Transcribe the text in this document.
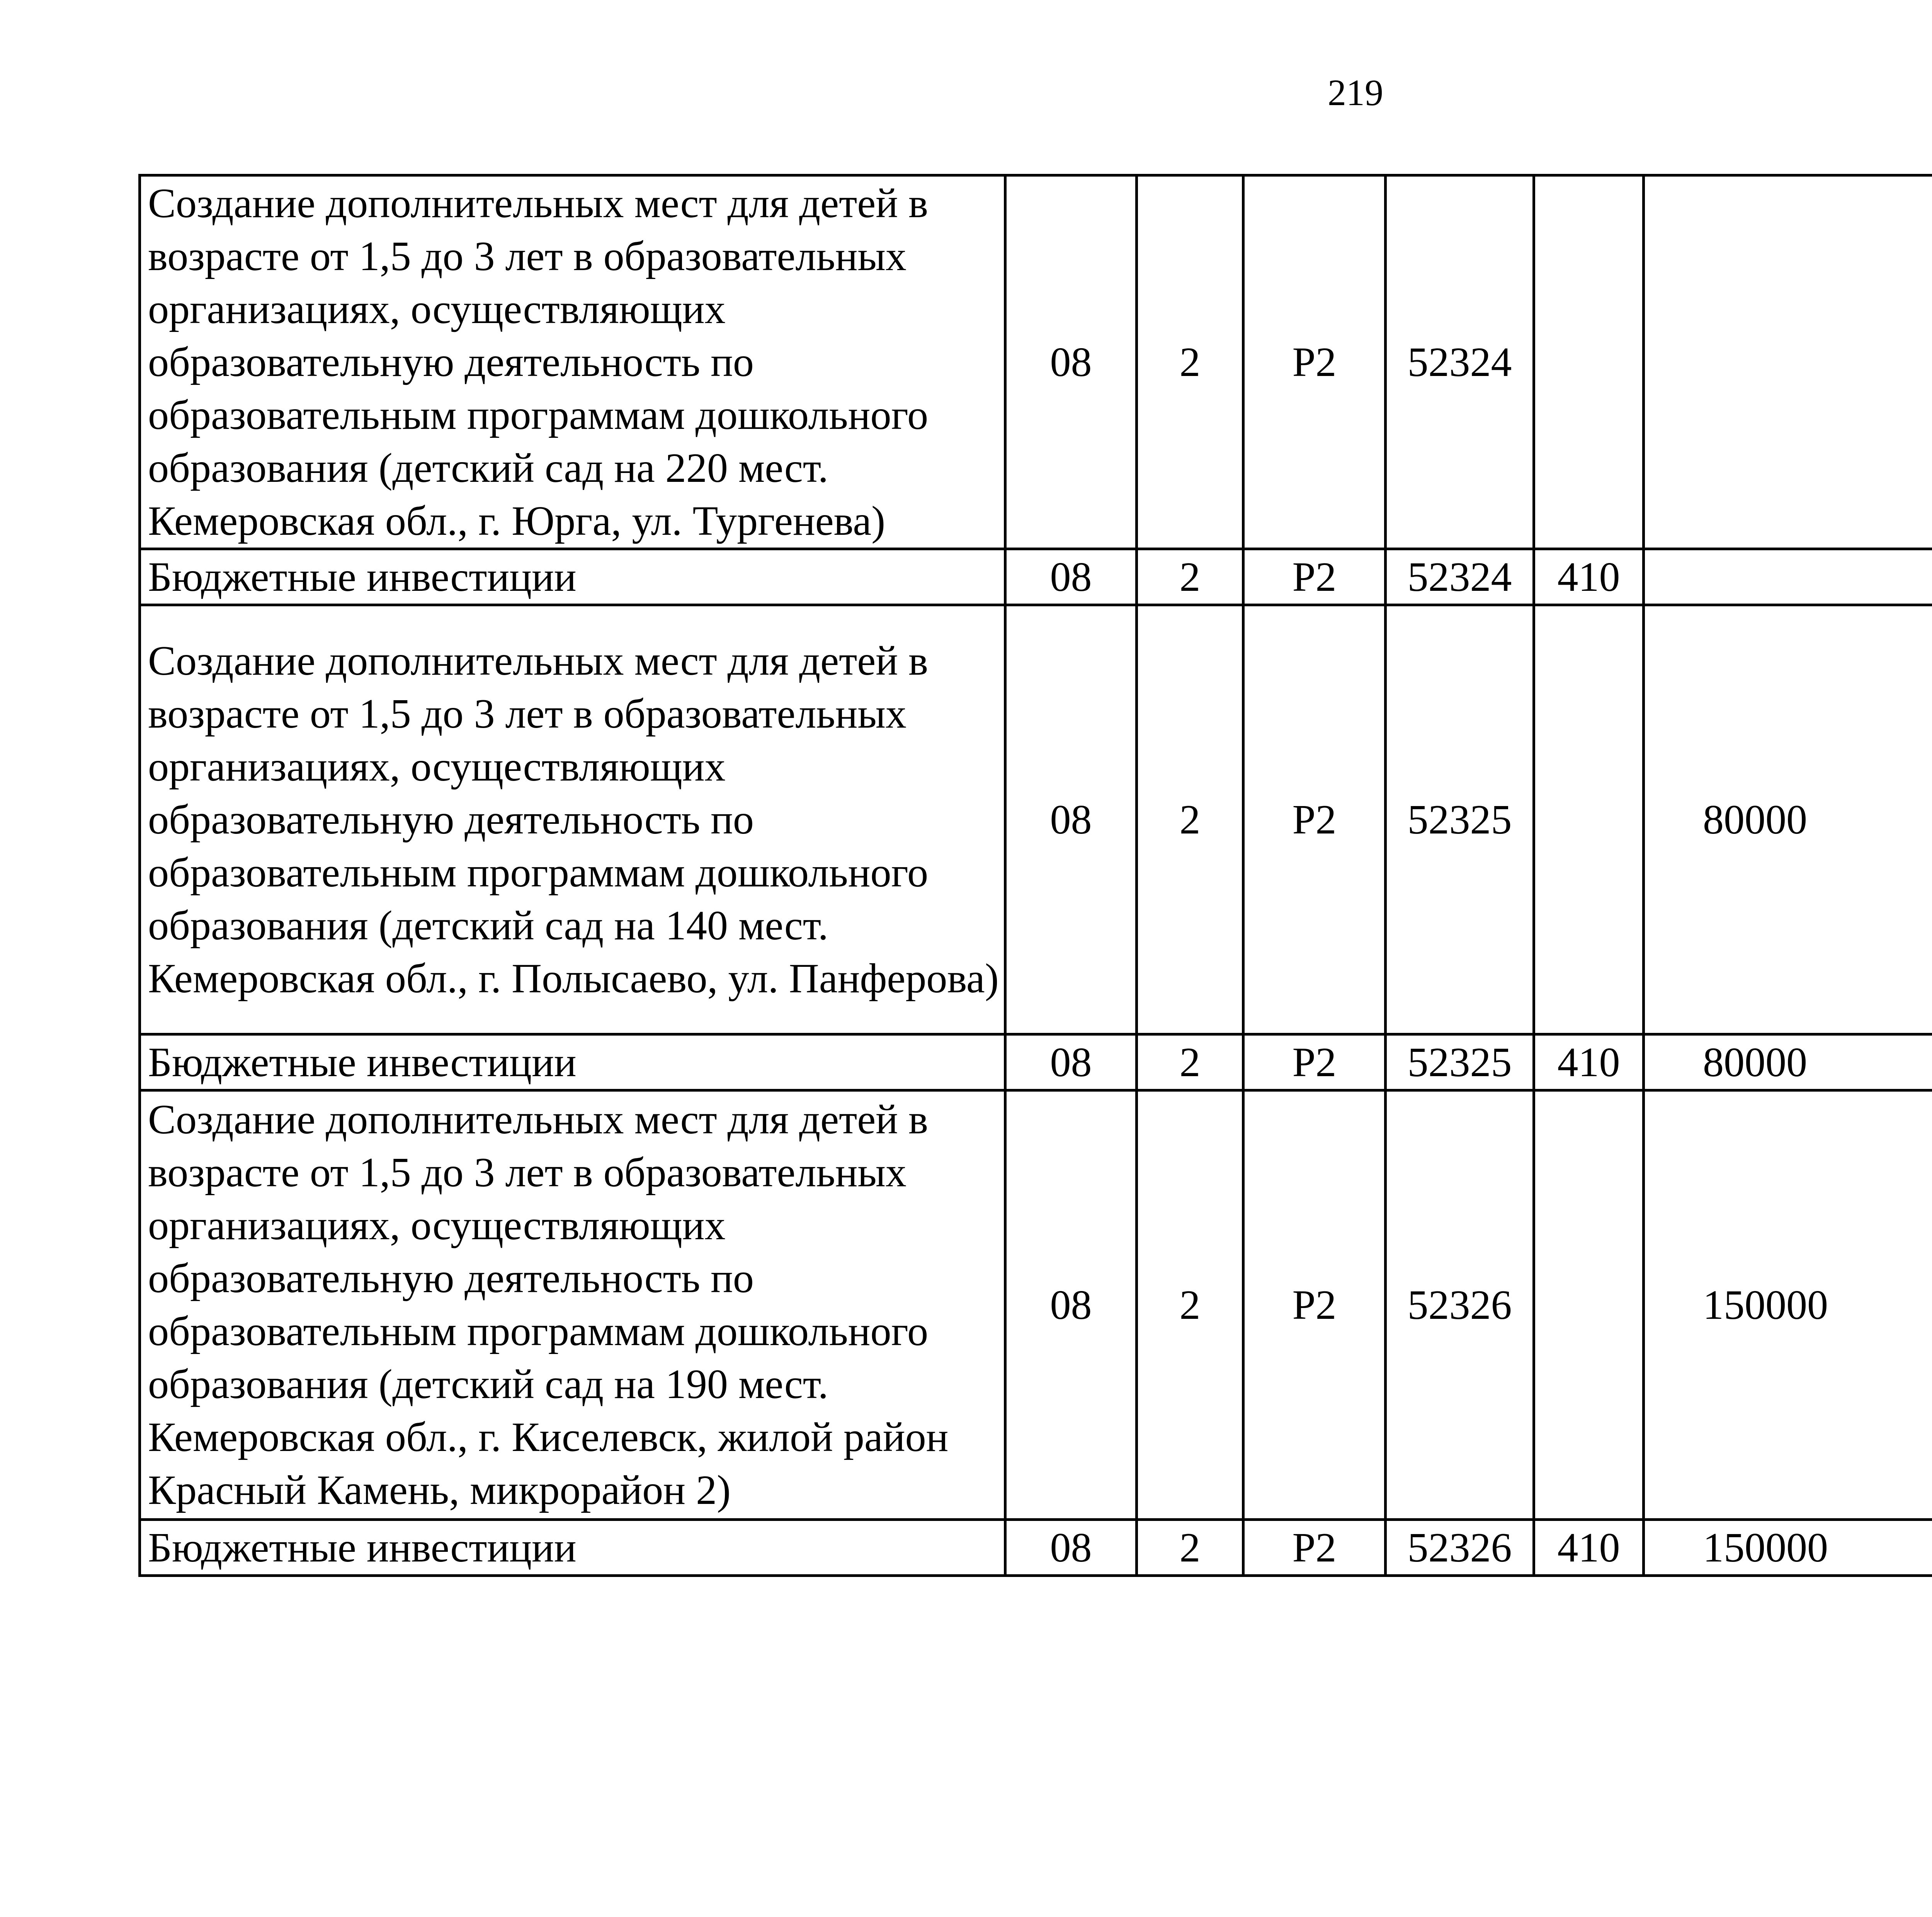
219
Создание дополнительных мест для детей в возрасте от 1,5 до 3 лет в образовательных организациях, осуществляющих образовательную деятельность по образовательным программам дошкольного образования (детский сад на 220 мест. Кемеровская обл., г. Юрга, ул. Тургенева)	08	2	Р2	52324				
Бюджетные инвестиции	08	2	Р2	52324	410			
Создание дополнительных мест для детей в возрасте от 1,5 до 3 лет в образовательных организациях, осуществляющих образовательную деятельность по образовательным программам дошкольного образования (детский сад на 140 мест. Кемеровская обл., г. Полысаево, ул. Панферова)	08	2	Р2	52325		80000		
Бюджетные инвестиции	08	2	Р2	52325	410	80000		
Создание дополнительных мест для детей в возрасте от 1,5 до 3 лет в образовательных организациях, осуществляющих образовательную деятельность по образовательным программам дошкольного образования (детский сад на 190 мест. Кемеровская обл., г. Киселевск, жилой район Красный Камень, микрорайон 2)	08	2	Р2	52326		150000		
Бюджетные инвестиции	08	2	Р2	52326	410	150000		
